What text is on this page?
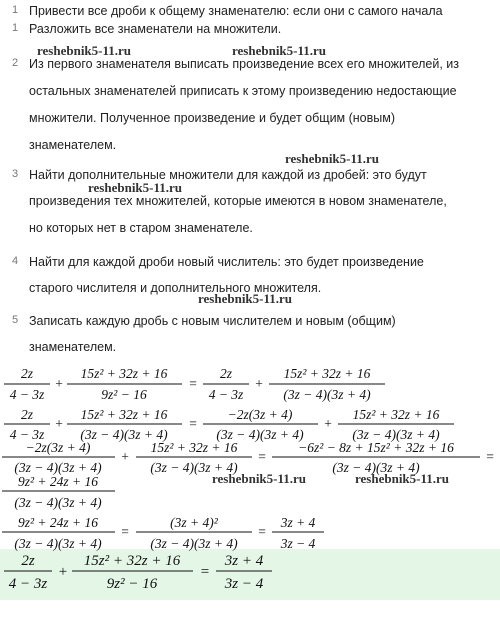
1 Привести все дроби к общему знаменателю: если они с самого начала
1 Разложить все знаменатели на множители.
2 Из первого знаменателя выписать произведение всех его множителей, из
остальных знаменателей приписать к этому произведению недостающие
множители. Полученное произведение и будет общим (новым)
знаменателем.
3 Найти дополнительные множители для каждой из дробей: это будут
произведения тех множителей, которые имеются в новом знаменателе,
но которых нет в старом знаменателе.
4 Найти для каждой дроби новый числитель: это будет произведение
старого числителя и дополнительного множителя.
5 Записать каждую дробь с новым числителем и новым (общим)
знаменателем.
reshebnik5-11.ru	reshebnik5-11.ru
reshebnik5-11.ru
reshebnik5-11.ru
reshebnik5-11.ru
reshebnik5-11.ru	reshebnik5-11.ru
2z
4 − 3z
+
15z² + 32z + 16
9z² − 16
=
2z
4 − 3z
+
15z² + 32z + 16
(3z − 4)(3z + 4)
2z
4 − 3z
+
15z² + 32z + 16
(3z − 4)(3z + 4)
=
−2z(3z + 4)
(3z − 4)(3z + 4)
+
15z² + 32z + 16
(3z − 4)(3z + 4)
−2z(3z + 4)
(3z − 4)(3z + 4)
+
15z² + 32z + 16
(3z − 4)(3z + 4)
=
−6z² − 8z + 15z² + 32z + 16
(3z − 4)(3z + 4)
=
9z² + 24z + 16
(3z − 4)(3z + 4)
9z² + 24z + 16
(3z − 4)(3z + 4)
=
(3z + 4)²
(3z − 4)(3z + 4)
=
3z + 4
3z − 4
2z
4 − 3z
+
15z² + 32z + 16
9z² − 16
=
3z + 4
3z − 4
